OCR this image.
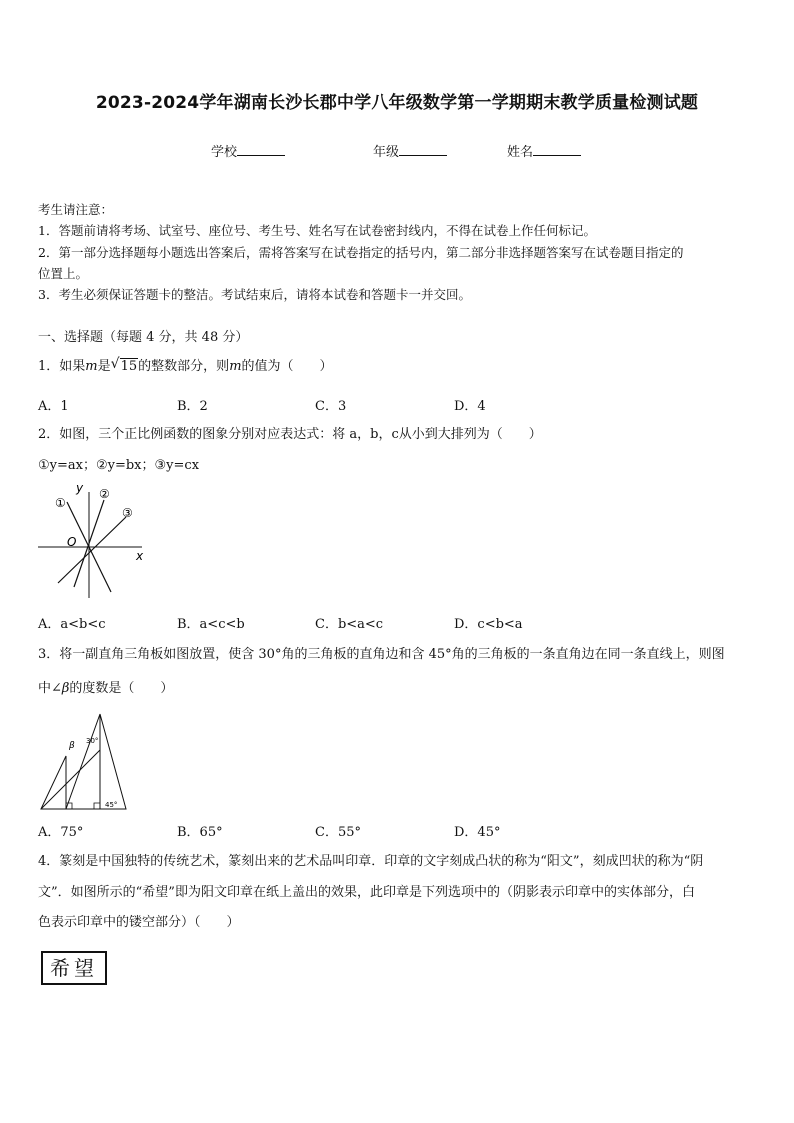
2023-2024学年湖南长沙长郡中学八年级数学第一学期期末教学质量检测试题
学校	年级	姓名
考生请注意：
1．答题前请将考场、试室号、座位号、考生号、姓名写在试卷密封线内，不得在试卷上作任何标记。
2．第一部分选择题每小题选出答案后，需将答案写在试卷指定的括号内，第二部分非选择题答案写在试卷题目指定的
位置上。
3．考生必须保证答题卡的整洁。考试结束后，请将本试卷和答题卡一并交回。
一、选择题（每题 4 分，共 48 分）
1．如果m是 √ 15的整数部分，则m的值为（　　）
A．1	B．2	C．3	D．4
2．如图，三个正比例函数的图象分别对应表达式：将 a，b，c从小到大排列为（　　）
①y=ax；②y=bx；③y=cx
y
x
O
①
②
③
A．a<b<c	B．a<c<b	C．b<a<c	D．c<b<a
3．将一副直角三角板如图放置，使含 30°角的三角板的直角边和含 45°角的三角板的一条直角边在同一条直线上，则图
中∠β的度数是（　　）
β 30°
45°
A．75°	B．65°	C．55°	D．45°
4．篆刻是中国独特的传统艺术，篆刻出来的艺术品叫印章．印章的文字刻成凸状的称为“阳文”，刻成凹状的称为“阴
文”．如图所示的“希望”即为阳文印章在纸上盖出的效果，此印章是下列选项中的（阴影表示印章中的实体部分，白
色表示印章中的镂空部分）（　　）
希望
